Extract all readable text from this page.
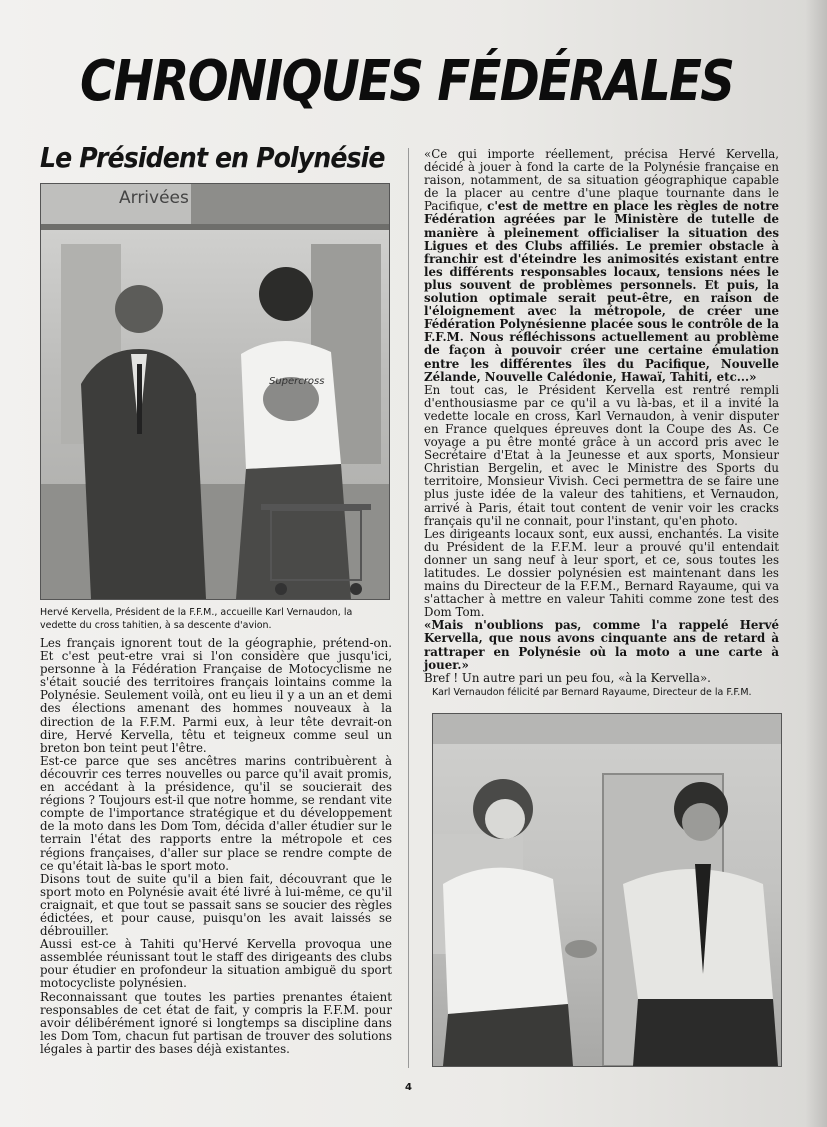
CHRONIQUES FÉDÉRALES
Le Président en Polynésie
Supercross
Arrivées

Hervé Kervella, Président de la F.F.M., accueille Karl Vernaudon, la vedette du cross tahitien, à sa descente d'avion.

Les français ignorent tout de la géographie, prétend-on. Et c'est peut-etre vrai si l'on considère que jusqu'ici, personne à la Fédération Française de Motocyclisme ne s'était soucié des territoires français lointains comme la Polynésie. Seulement voilà, ont eu lieu il y a un an et demi des élections amenant des hommes nouveaux à la direction de la F.F.M. Parmi eux, à leur tête devrait-on dire, Hervé Kervella, têtu et teigneux comme seul un breton bon teint peut l'être.

Est-ce parce que ses ancêtres marins contribuèrent à découvrir ces terres nouvelles ou parce qu'il avait promis, en accédant à la présidence, qu'il se soucierait des régions ? Toujours est-il que notre homme, se rendant vite compte de l'importance stratégique et du développement de la moto dans les Dom Tom, décida d'aller étudier sur le terrain l'état des rapports entre la métropole et ces régions françaises, d'aller sur place se rendre compte de ce qu'était là-bas le sport moto.

Disons tout de suite qu'il a bien fait, découvrant que le sport moto en Polynésie avait été livré à lui-même, ce qu'il craignait, et que tout se passait sans se soucier des règles édictées, et pour cause, puisqu'on les avait laissés se débrouiller.

Aussi est-ce à Tahiti qu'Hervé Kervella provoqua une assemblée réunissant tout le staff des dirigeants des clubs pour étudier en profondeur la situation ambiguë du sport motocycliste polynésien.

Reconnaissant que toutes les parties prenantes étaient responsables de cet état de fait, y compris la F.F.M. pour avoir délibérément ignoré si longtemps sa discipline dans les Dom Tom, chacun fut partisan de trouver des solutions légales à partir des bases déjà existantes.

«Ce qui importe réellement, précisa Hervé Kervella, décidé à jouer à fond la carte de la Polynésie française en raison, notamment, de sa situation géographique capable de la placer au centre d'une plaque tournante dans le Pacifique, c'est de mettre en place les règles de notre Fédération agréées par le Ministère de tutelle de manière à pleinement officialiser la situation des Ligues et des Clubs affiliés. Le premier obstacle à franchir est d'éteindre les animosités existant entre les différents responsables locaux, tensions nées le plus souvent de problèmes personnels. Et puis, la solution optimale serait peut-être, en raison de l'éloignement avec la métropole, de créer une Fédération Polynésienne placée sous le contrôle de la F.F.M. Nous réfléchissons actuellement au problème de façon à pouvoir créer une certaine émulation entre les différentes îles du Pacifique, Nouvelle Zélande, Nouvelle Calédonie, Hawaï, Tahiti, etc...»

En tout cas, le Président Kervella est rentré rempli d'enthousiasme par ce qu'il a vu là-bas, et il a invité la vedette locale en cross, Karl Vernaudon, à venir disputer en France quelques épreuves dont la Coupe des As. Ce voyage a pu être monté grâce à un accord pris avec le Secrétaire d'Etat à la Jeunesse et aux sports, Monsieur Christian Bergelin, et avec le Ministre des Sports du territoire, Monsieur Vivish. Ceci permettra de se faire une plus juste idée de la valeur des tahitiens, et Vernaudon, arrivé à Paris, était tout content de venir voir les cracks français qu'il ne connait, pour l'instant, qu'en photo.

Les dirigeants locaux sont, eux aussi, enchantés. La visite du Président de la F.F.M. leur a prouvé qu'il entendait donner un sang neuf à leur sport, et ce, sous toutes les latitudes. Le dossier polynésien est maintenant dans les mains du Directeur de la F.F.M., Bernard Rayaume, qui va s'attacher à mettre en valeur Tahiti comme zone test des Dom Tom.

«Mais n'oublions pas, comme l'a rappelé Hervé Kervella, que nous avons cinquante ans de retard à rattraper en Polynésie où la moto a une carte à jouer.»

Bref ! Un autre pari un peu fou, «à la Kervella».

Karl Vernaudon félicité par Bernard Rayaume, Directeur de la F.F.M.

4
